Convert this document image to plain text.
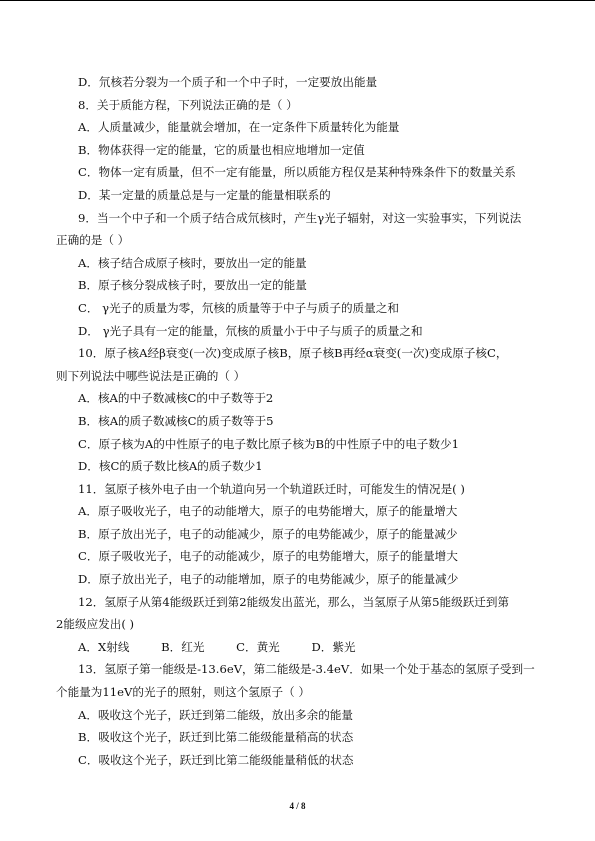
D．氘核若分裂为一个质子和一个中子时，一定要放出能量
8．关于质能方程，下列说法正确的是（ ）
A．人质量减少，能量就会增加，在一定条件下质量转化为能量
B．物体获得一定的能量，它的质量也相应地增加一定值
C．物体一定有质量，但不一定有能量，所以质能方程仅是某种特殊条件下的数量关系
D．某一定量的质量总是与一定量的能量相联系的
9．当一个中子和一个质子结合成氘核时，产生γ光子辐射，对这一实验事实，下列说法
正确的是（ ）
A．核子结合成原子核时，要放出一定的能量
B．原子核分裂成核子时，要放出一定的能量
C． γ光子的质量为零，氘核的质量等于中子与质子的质量之和
D． γ光子具有一定的能量，氘核的质量小于中子与质子的质量之和
10．原子核A经β衰变(一次)变成原子核B，原子核B再经α衰变(一次)变成原子核C，
则下列说法中哪些说法是正确的（ ）
A．核A的中子数减核C的中子数等于2
B．核A的质子数减核C的质子数等于5
C．原子核为A的中性原子的电子数比原子核为B的中性原子中的电子数少1
D．核C的质子数比核A的质子数少1
11．氢原子核外电子由一个轨道向另一个轨道跃迁时，可能发生的情况是( )
A．原子吸收光子，电子的动能增大，原子的电势能增大，原子的能量增大
B．原子放出光子，电子的动能减少，原子的电势能减少，原子的能量减少
C．原子吸收光子，电子的动能减少，原子的电势能增大，原子的能量增大
D．原子放出光子，电子的动能增加，原子的电势能减少，原子的能量减少
12．氢原子从第4能级跃迁到第2能级发出蓝光，那么，当氢原子从第5能级跃迁到第
2能级应发出( )
A．X射线	B．红光	C．黄光	D．紫光
13．氢原子第一能级是-13.6eV，第二能级是-3.4eV．如果一个处于基态的氢原子受到一
个能量为11eV的光子的照射，则这个氢原子（ ）
A．吸收这个光子，跃迁到第二能级，放出多余的能量
B．吸收这个光子，跃迁到比第二能级能量稍高的状态
C．吸收这个光子，跃迁到比第二能级能量稍低的状态
4 / 8
